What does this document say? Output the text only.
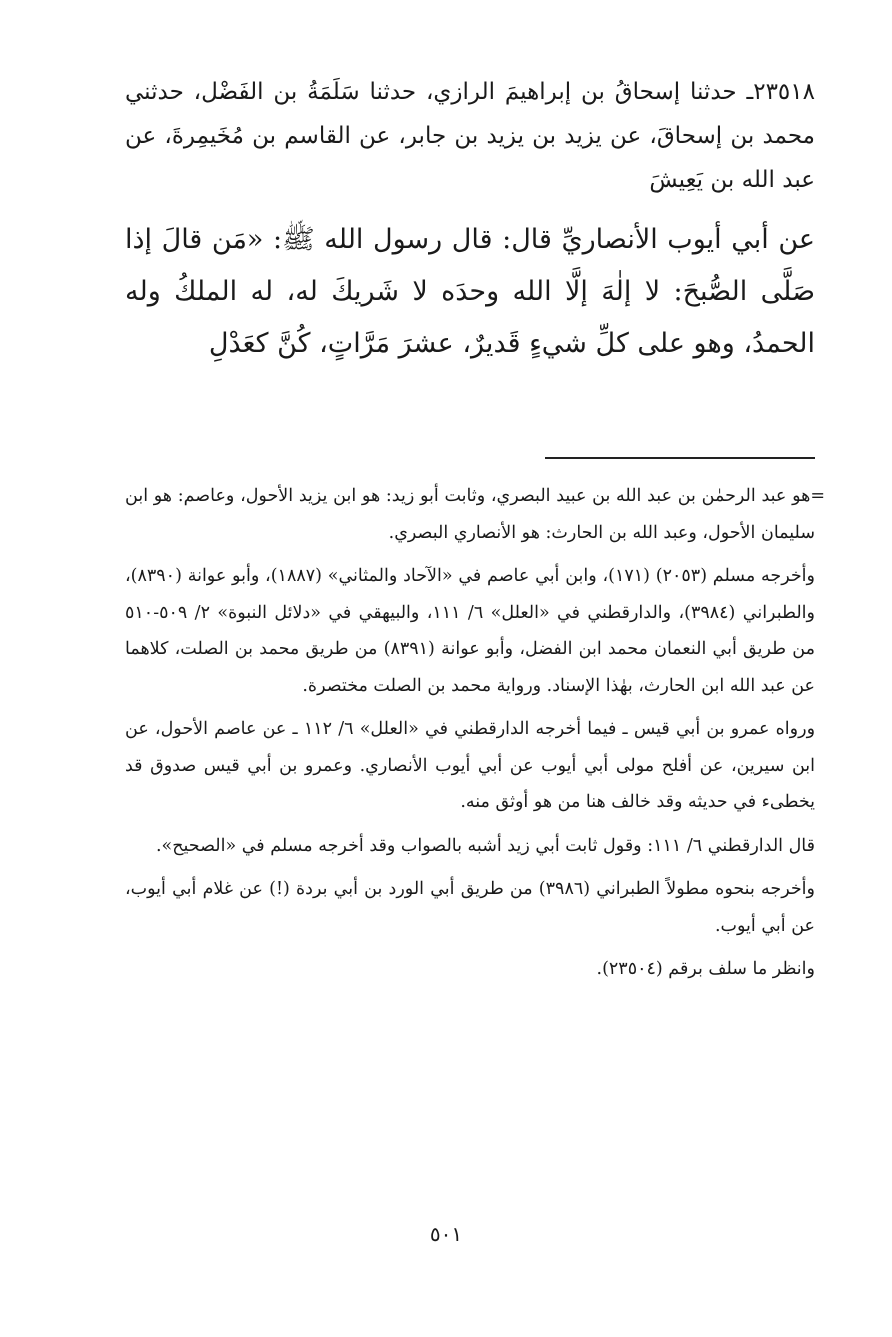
٢٣٥١٨ـ حدثنا إسحاقُ بن إبراهيمَ الرازي، حدثنا سَلَمَةُ بن الفَضْل، حدثني محمد بن إسحاقَ، عن يزيد بن يزيد بن جابر، عن القاسم بن مُخَيمِرةَ، عن عبد الله بن يَعِيشَ

عن أبي أيوب الأنصاريِّ قال: قال رسول الله ﷺ: «مَن قالَ إذا صَلَّى الصُّبحَ: لا إلٰهَ إلَّا الله وحدَه لا شَريكَ له، له الملكُ وله الحمدُ، وهو على كلِّ شيءٍ قَديرٌ، عشرَ مَرَّاتٍ، كُنَّ كعَدْلِ

=هو عبد الرحمٰن بن عبد الله بن عبيد البصري، وثابت أبو زيد: هو ابن يزيد الأحول، وعاصم: هو ابن سليمان الأحول، وعبد الله بن الحارث: هو الأنصاري البصري.

وأخرجه مسلم (٢٠٥٣) (١٧١)، وابن أبي عاصم في «الآحاد والمثاني» (١٨٨٧)، وأبو عوانة (٨٣٩٠)، والطبراني (٣٩٨٤)، والدارقطني في «العلل» ٦/ ١١١، والبيهقي في «دلائل النبوة» ٢/ ٥٠٩-٥١٠ من طريق أبي النعمان محمد ابن الفضل، وأبو عوانة (٨٣٩١) من طريق محمد بن الصلت، كلاهما عن عبد الله ابن الحارث، بهٰذا الإسناد. ورواية محمد بن الصلت مختصرة.

ورواه عمرو بن أبي قيس ـ فيما أخرجه الدارقطني في «العلل» ٦/ ١١٢ ـ عن عاصم الأحول، عن ابن سيرين، عن أفلح مولى أبي أيوب عن أبي أيوب الأنصاري. وعمرو بن أبي قيس صدوق قد يخطىء في حديثه وقد خالف هنا من هو أوثق منه.

قال الدارقطني ٦/ ١١١: وقول ثابت أبي زيد أشبه بالصواب وقد أخرجه مسلم في «الصحيح».

وأخرجه بنحوه مطولاً الطبراني (٣٩٨٦) من طريق أبي الورد بن أبي بردة (!) عن غلام أبي أيوب، عن أبي أيوب.

وانظر ما سلف برقم (٢٣٥٠٤).

٥٠١
